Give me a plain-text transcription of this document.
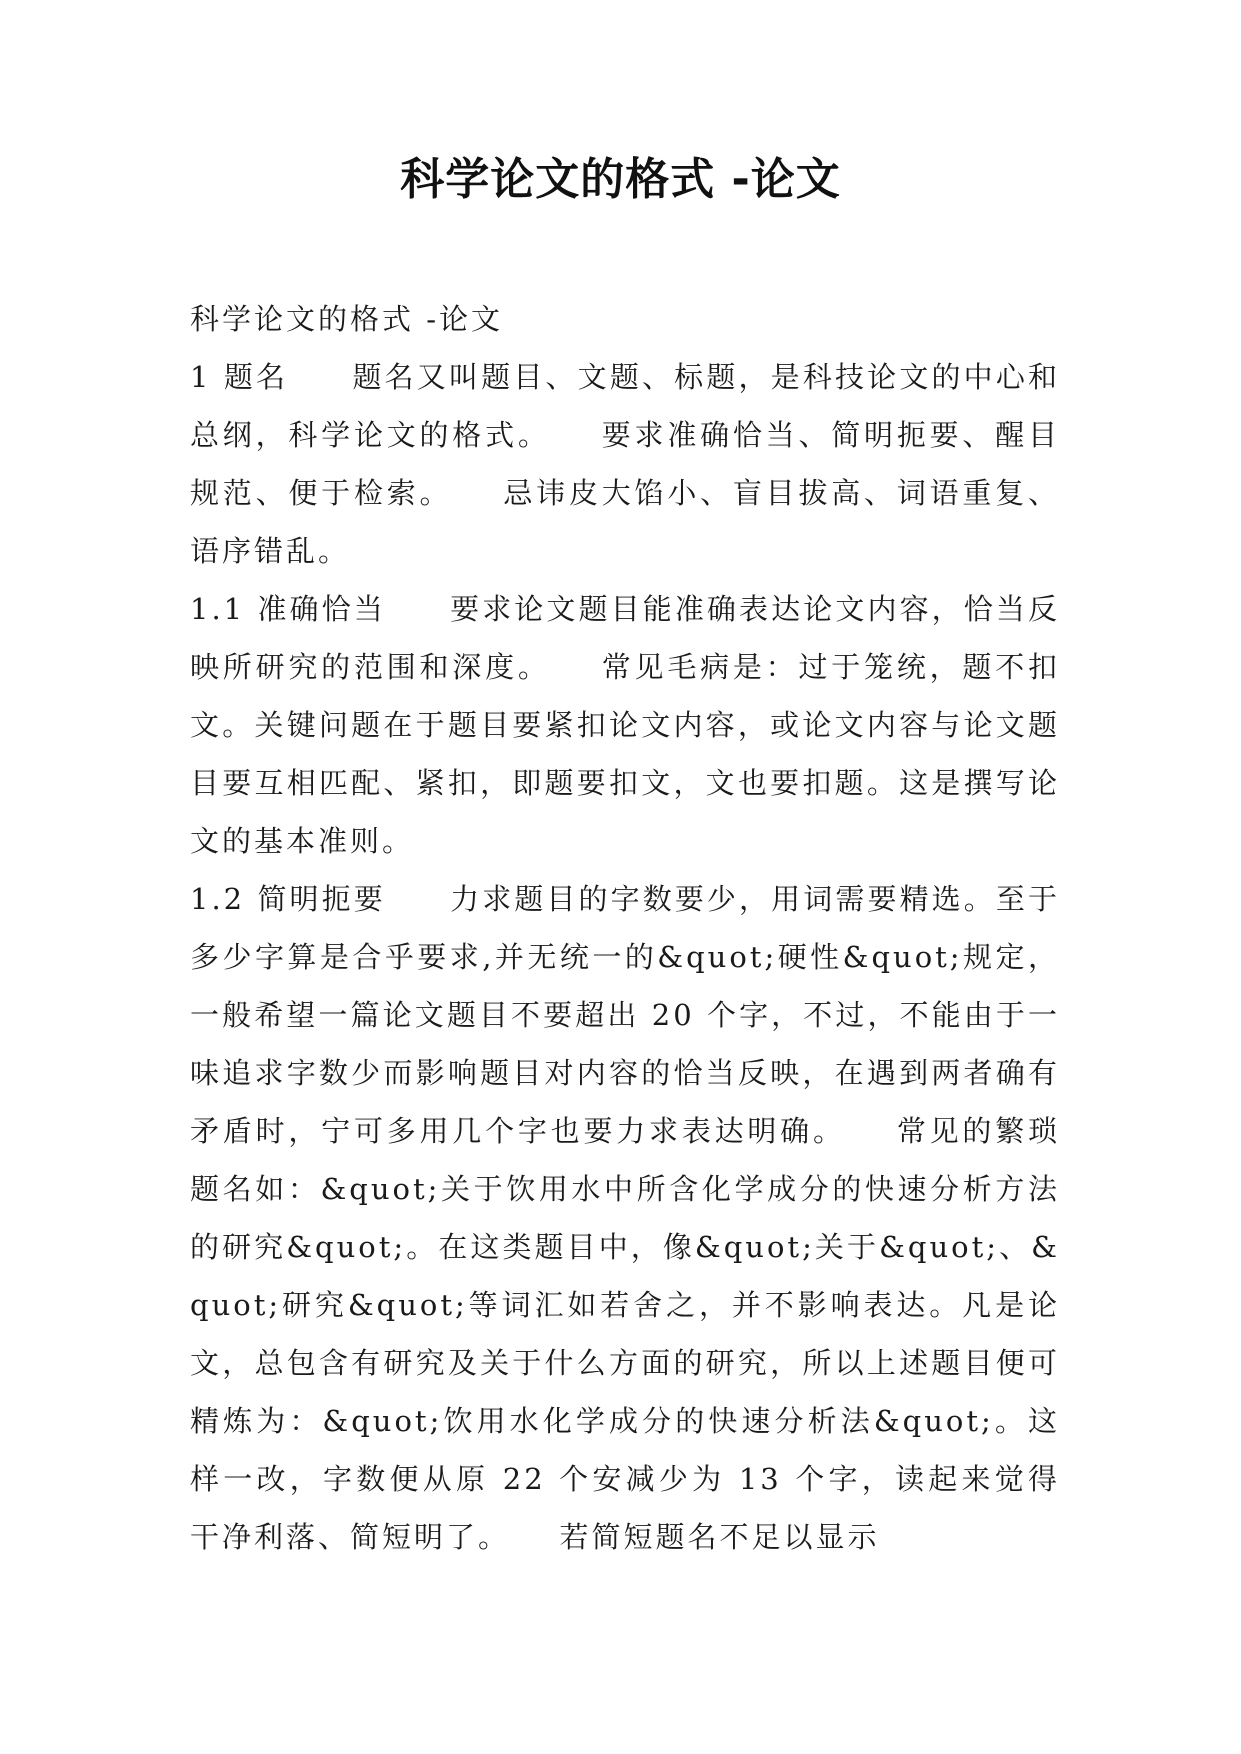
科学论文的格式 -论文

科学论文的格式 -论文

1 题名　　题名又叫题目、文题、标题，是科技论文的中心和总纲，科学论文的格式。　　要求准确恰当、简明扼要、醒目规范、便于检索。　　忌讳皮大馅小、盲目拔高、词语重复、语序错乱。

1.1 准确恰当　　要求论文题目能准确表达论文内容，恰当反映所研究的范围和深度。　　常见毛病是：过于笼统，题不扣文。关键问题在于题目要紧扣论文内容，或论文内容与论文题目要互相匹配、紧扣，即题要扣文，文也要扣题。这是撰写论文的基本准则。

1.2 简明扼要　　力求题目的字数要少，用词需要精选。至于多少字算是合乎要求,并无统一的&quot;硬性&quot;规定，一般希望一篇论文题目不要超出 20 个字，不过，不能由于一味追求字数少而影响题目对内容的恰当反映，在遇到两者确有矛盾时，宁可多用几个字也要力求表达明确。　　常见的繁琐题名如：&quot;关于饮用水中所含化学成分的快速分析方法的研究&quot;。在这类题目中，像&quot;关于&quot;、&quot;研究&quot;等词汇如若舍之，并不影响表达。凡是论文，总包含有研究及关于什么方面的研究，所以上述题目便可精炼为：&quot;饮用水化学成分的快速分析法&quot;。这样一改，字数便从原 22 个安减少为 13 个字，读起来觉得干净利落、简短明了。　　若简短题名不足以显示
